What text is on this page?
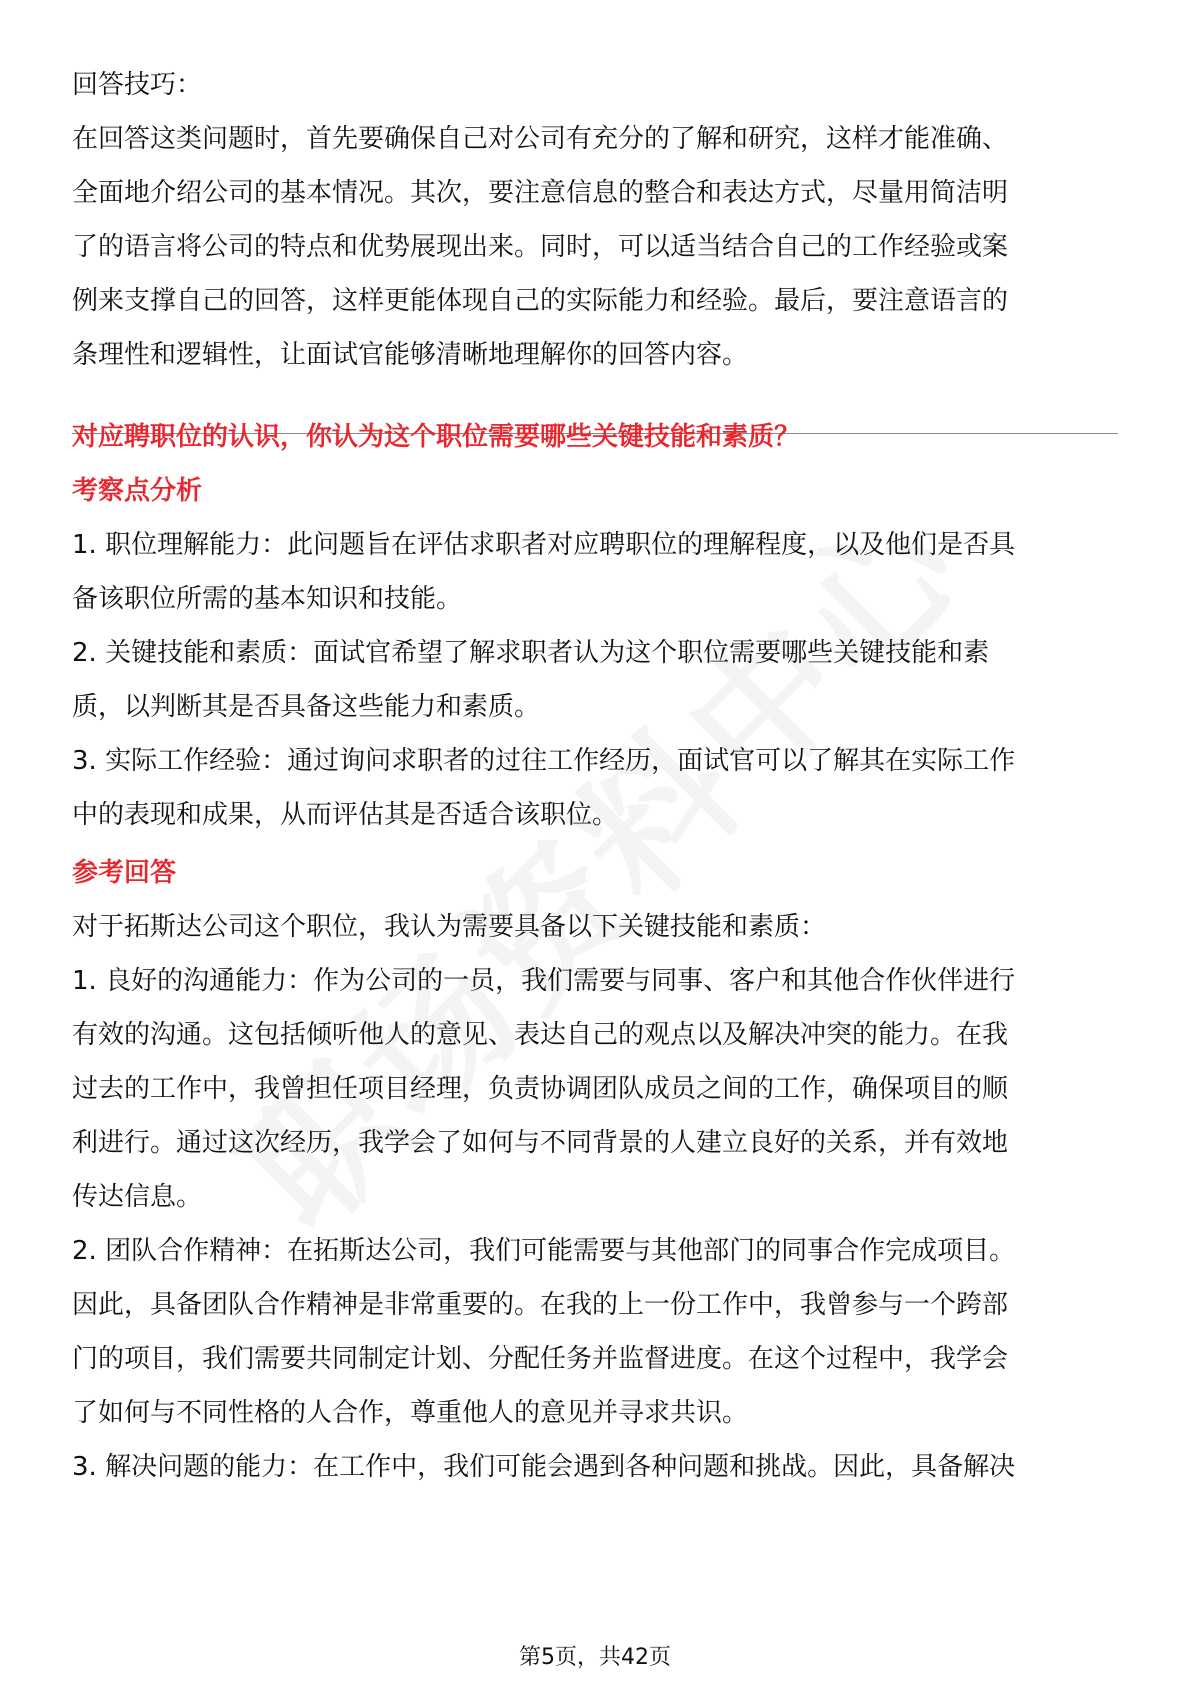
回答技巧：
在回答这类问题时，首先要确保自己对公司有充分的了解和研究，这样才能准确、
全面地介绍公司的基本情况。其次，要注意信息的整合和表达方式，尽量用简洁明
了的语言将公司的特点和优势展现出来。同时，可以适当结合自己的工作经验或案
例来支撑自己的回答，这样更能体现自己的实际能力和经验。最后，要注意语言的
条理性和逻辑性，让面试官能够清晰地理解你的回答内容。
对应聘职位的认识，你认为这个职位需要哪些关键技能和素质？
考察点分析
1. 职位理解能力：此问题旨在评估求职者对应聘职位的理解程度，以及他们是否具
备该职位所需的基本知识和技能。
2. 关键技能和素质：面试官希望了解求职者认为这个职位需要哪些关键技能和素
质，以判断其是否具备这些能力和素质。
3. 实际工作经验：通过询问求职者的过往工作经历，面试官可以了解其在实际工作
中的表现和成果，从而评估其是否适合该职位。
参考回答
对于拓斯达公司这个职位，我认为需要具备以下关键技能和素质：
1. 良好的沟通能力：作为公司的一员，我们需要与同事、客户和其他合作伙伴进行
有效的沟通。这包括倾听他人的意见、表达自己的观点以及解决冲突的能力。在我
过去的工作中，我曾担任项目经理，负责协调团队成员之间的工作，确保项目的顺
利进行。通过这次经历，我学会了如何与不同背景的人建立良好的关系，并有效地
传达信息。
2. 团队合作精神：在拓斯达公司，我们可能需要与其他部门的同事合作完成项目。
因此，具备团队合作精神是非常重要的。在我的上一份工作中，我曾参与一个跨部
门的项目，我们需要共同制定计划、分配任务并监督进度。在这个过程中，我学会
了如何与不同性格的人合作，尊重他人的意见并寻求共识。
3. 解决问题的能力：在工作中，我们可能会遇到各种问题和挑战。因此，具备解决
第5页，共42页
